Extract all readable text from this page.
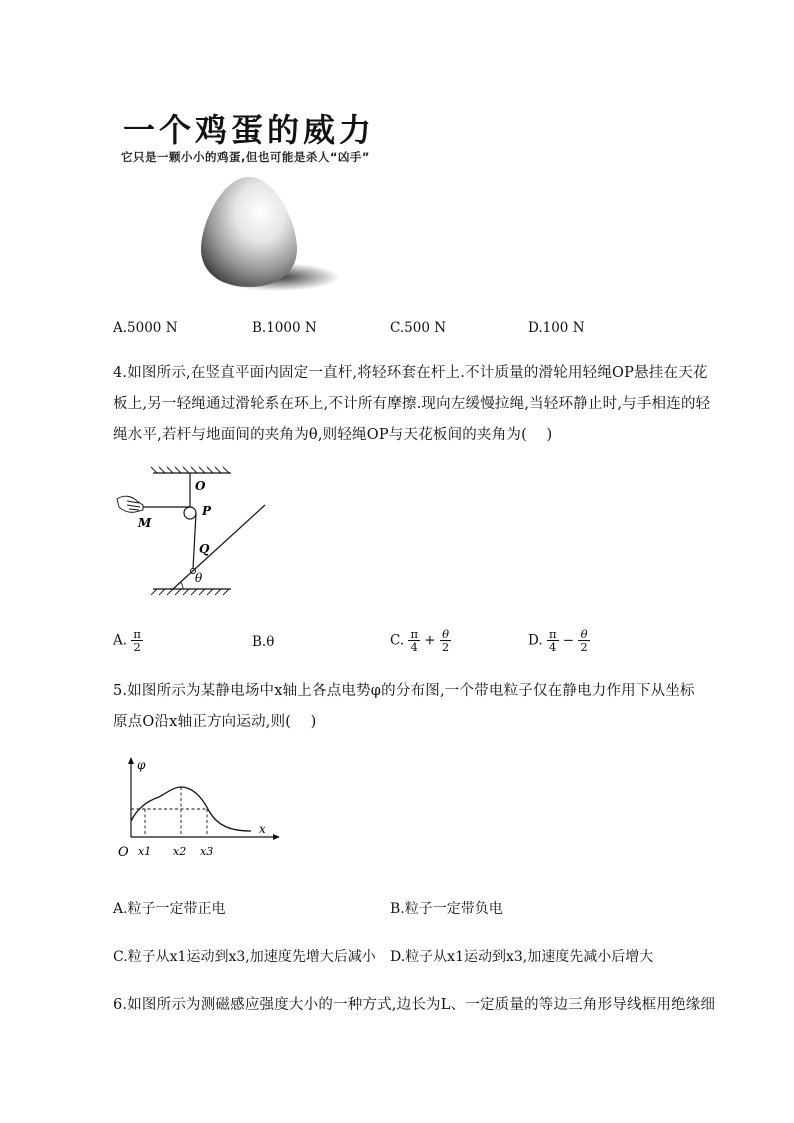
一个鸡蛋的威力
它只是一颗小小的鸡蛋,但也可能是杀人“凶手”
A.5000 N	B.1000 N	C.500 N	D.100 N
4.如图所示,在竖直平面内固定一直杆,将轻环套在杆上.不计质量的滑轮用轻绳OP悬挂在天花
板上,另一轻绳通过滑轮系在环上,不计所有摩擦.现向左缓慢拉绳,当轻环静止时,与手相连的轻
绳水平,若杆与地面间的夹角为θ,则轻绳OP与天花板间的夹角为(　 )
O
P
Q
M
θ
A. $\frac{\pi}{2}$	B.θ	C. $\frac{\pi}{4} + \frac{\theta}{2}$	D. $\frac{\pi}{4} - \frac{\theta}{2}$
5.如图所示为某静电场中x轴上各点电势φ的分布图,一个带电粒子仅在静电力作用下从坐标
原点O沿x轴正方向运动,则(　 )
φ
x
O x1 x2 x3
A.粒子一定带正电	B.粒子一定带负电
C.粒子从x1运动到x3,加速度先增大后减小 D.粒子从x1运动到x3,加速度先减小后增大
6.如图所示为测磁感应强度大小的一种方式,边长为L、一定质量的等边三角形导线框用绝缘细
